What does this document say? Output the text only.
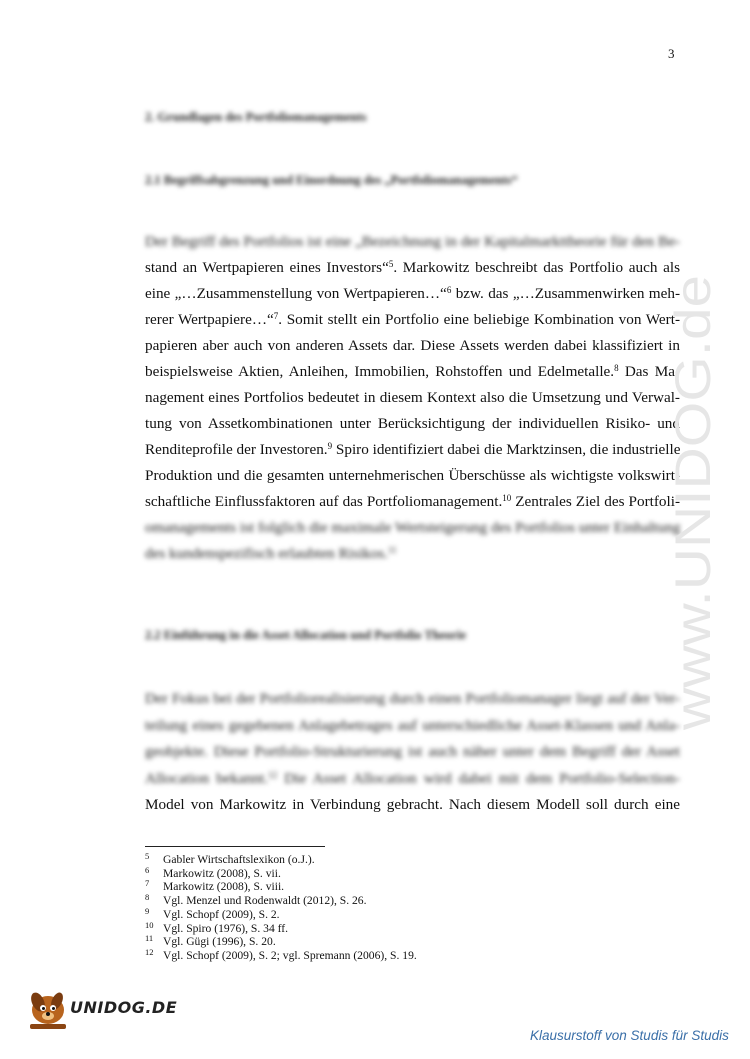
3
2. Grundlagen des Portfoliomanagements
2.1 Begriffsabgrenzung und Einordnung des „Portfoliomanagements“
Der Begriff des Portfolios ist eine „Bezeichnung in der Kapitalmarkttheorie für den Be-
stand an Wertpapieren eines Investors“$^5$. Markowitz beschreibt das Portfolio auch als
eine „…Zusammenstellung von Wertpapieren…“$^6$ bzw. das „…Zusammenwirken meh-
rerer Wertpapiere…“$^7$. Somit stellt ein Portfolio eine beliebige Kombination von Wert-
papieren aber auch von anderen Assets dar. Diese Assets werden dabei klassifiziert in
beispielsweise Aktien, Anleihen, Immobilien, Rohstoffen und Edelmetalle.$^8$ Das Ma-
nagement eines Portfolios bedeutet in diesem Kontext also die Umsetzung und Verwal-
tung von Assetkombinationen unter Berücksichtigung der individuellen Risiko- und
Renditeprofile der Investoren.$^9$ Spiro identifiziert dabei die Marktzinsen, die industrielle
Produktion und die gesamten unternehmerischen Überschüsse als wichtigste volkswirt-
schaftliche Einflussfaktoren auf das Portfoliomanagement.$^{10}$ Zentrales Ziel des Portfoli-
omanagements ist folglich die maximale Wertsteigerung des Portfolios unter Einhaltung
des kundenspezifisch erlaubten Risikos.$^{11}$
2.2 Einführung in die Asset Allocation und Portfolio Theorie
Der Fokus bei der Portfoliorealisierung durch einen Portfoliomanager liegt auf der Ver-
teilung eines gegebenen Anlagebetrages auf unterschiedliche Asset-Klassen und Anla-
geobjekte. Diese Portfolio-Strukturierung ist auch näher unter dem Begriff der Asset
Allocation bekannt.$^{12}$ Die Asset Allocation wird dabei mit dem Portfolio-Selection-
Model von Markowitz in Verbindung gebracht. Nach diesem Modell soll durch eine
5 Gabler Wirtschaftslexikon (o.J.).
6 Markowitz (2008), S. vii.
7 Markowitz (2008), S. viii.
8 Vgl. Menzel und Rodenwaldt (2012), S. 26.
9 Vgl. Schopf (2009), S. 2.
10 Vgl. Spiro (1976), S. 34 ff.
11 Vgl. Gügi (1996), S. 20.
12 Vgl. Schopf (2009), S. 2; vgl. Spremann (2006), S. 19.
www.UNIDOG.de
UNIDOG.DE
Klausurstoff von Studis für Studis
